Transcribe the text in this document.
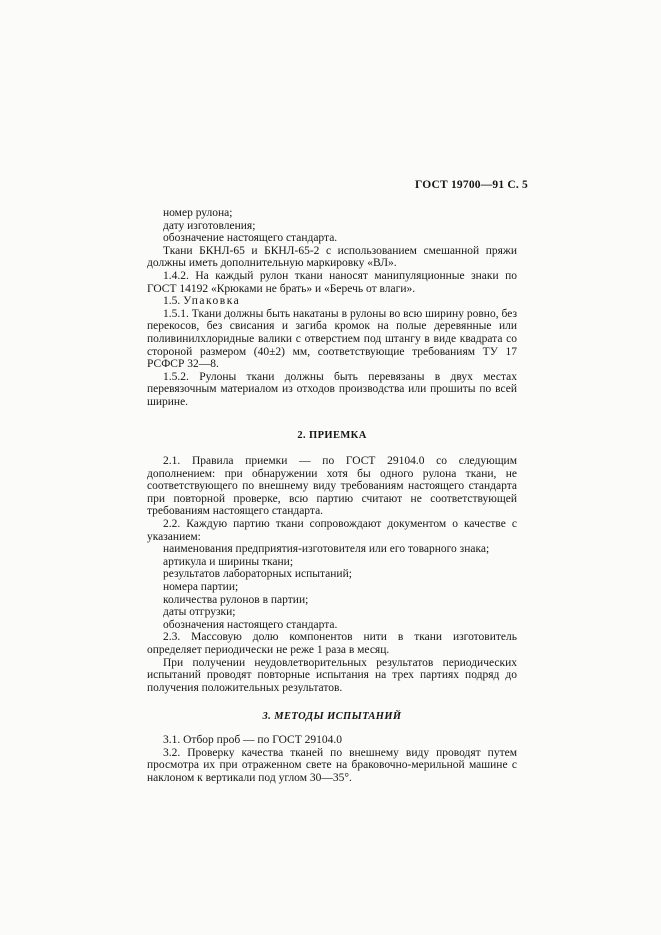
ГОСТ 19700—91 С. 5

номер рулона;

дату изготовления;

обозначение настоящего стандарта.

Ткани БКНЛ-65 и БКНЛ-65-2 с использованием смешанной пряжи должны иметь дополнительную маркировку «ВЛ».

1.4.2. На каждый рулон ткани наносят манипуляционные знаки по ГОСТ 14192 «Крюками не брать» и «Беречь от влаги».

1.5. Упаковка

1.5.1. Ткани должны быть накатаны в рулоны во всю ширину ровно, без перекосов, без свисания и загиба кромок на полые деревянные или поливинилхлоридные валики с отверстием под штангу в виде квадрата со стороной размером (40±2) мм, соответствующие требованиям ТУ 17 РСФСР 32—8.

1.5.2. Рулоны ткани должны быть перевязаны в двух местах перевязочным материалом из отходов производства или прошиты по всей ширине.

2. ПРИЕМКА

2.1. Правила приемки — по ГОСТ 29104.0 со следующим дополнением: при обнаружении хотя бы одного рулона ткани, не соответствующего по внешнему виду требованиям настоящего стандарта при повторной проверке, всю партию считают не соответствующей требованиям настоящего стандарта.

2.2. Каждую партию ткани сопровождают документом о качестве с указанием:

наименования предприятия-изготовителя или его товарного знака;

артикула и ширины ткани;

результатов лабораторных испытаний;

номера партии;

количества рулонов в партии;

даты отгрузки;

обозначения настоящего стандарта.

2.3. Массовую долю компонентов нити в ткани изготовитель определяет периодически не реже 1 раза в месяц.

При получении неудовлетворительных результатов периодических испытаний проводят повторные испытания на трех партиях подряд до получения положительных результатов.

3. МЕТОДЫ ИСПЫТАНИЙ

3.1. Отбор проб — по ГОСТ 29104.0

3.2. Проверку качества тканей по внешнему виду проводят путем просмотра их при отраженном свете на браковочно-мерильной машине с наклоном к вертикали под углом 30—35°.
